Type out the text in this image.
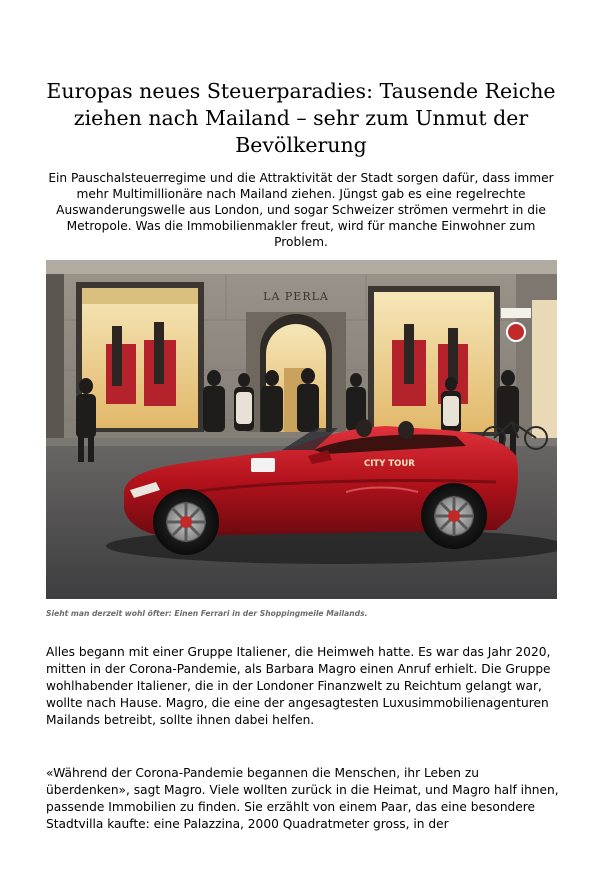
Europas neues Steuerparadies: Tausende Reiche ziehen nach Mailand – sehr zum Unmut der Bevölkerung

Ein Pauschalsteuerregime und die Attraktivität der Stadt sorgen dafür, dass immer mehr Multimillionäre nach Mailand ziehen. Jüngst gab es eine regelrechte Auswanderungswelle aus London, und sogar Schweizer strömen vermehrt in die Metropole. Was die Immobilienmakler freut, wird für manche Einwohner zum Problem.

LA PERLA
CITY TOUR

Sieht man derzeit wohl öfter: Einen Ferrari in der Shoppingmeile Mailands.

Alles begann mit einer Gruppe Italiener, die Heimweh hatte. Es war das Jahr 2020, mitten in der Corona-Pandemie, als Barbara Magro einen Anruf erhielt. Die Gruppe wohlhabender Italiener, die in der Londoner Finanzwelt zu Reichtum gelangt war, wollte nach Hause. Magro, die eine der angesagtesten Luxusimmobilienagenturen Mailands betreibt, sollte ihnen dabei helfen.

«Während der Corona-Pandemie begannen die Menschen, ihr Leben zu überdenken», sagt Magro. Viele wollten zurück in die Heimat, und Magro half ihnen, passende Immobilien zu finden. Sie erzählt von einem Paar, das eine besondere Stadtvilla kaufte: eine Palazzina, 2000 Quadratmeter gross, in der
